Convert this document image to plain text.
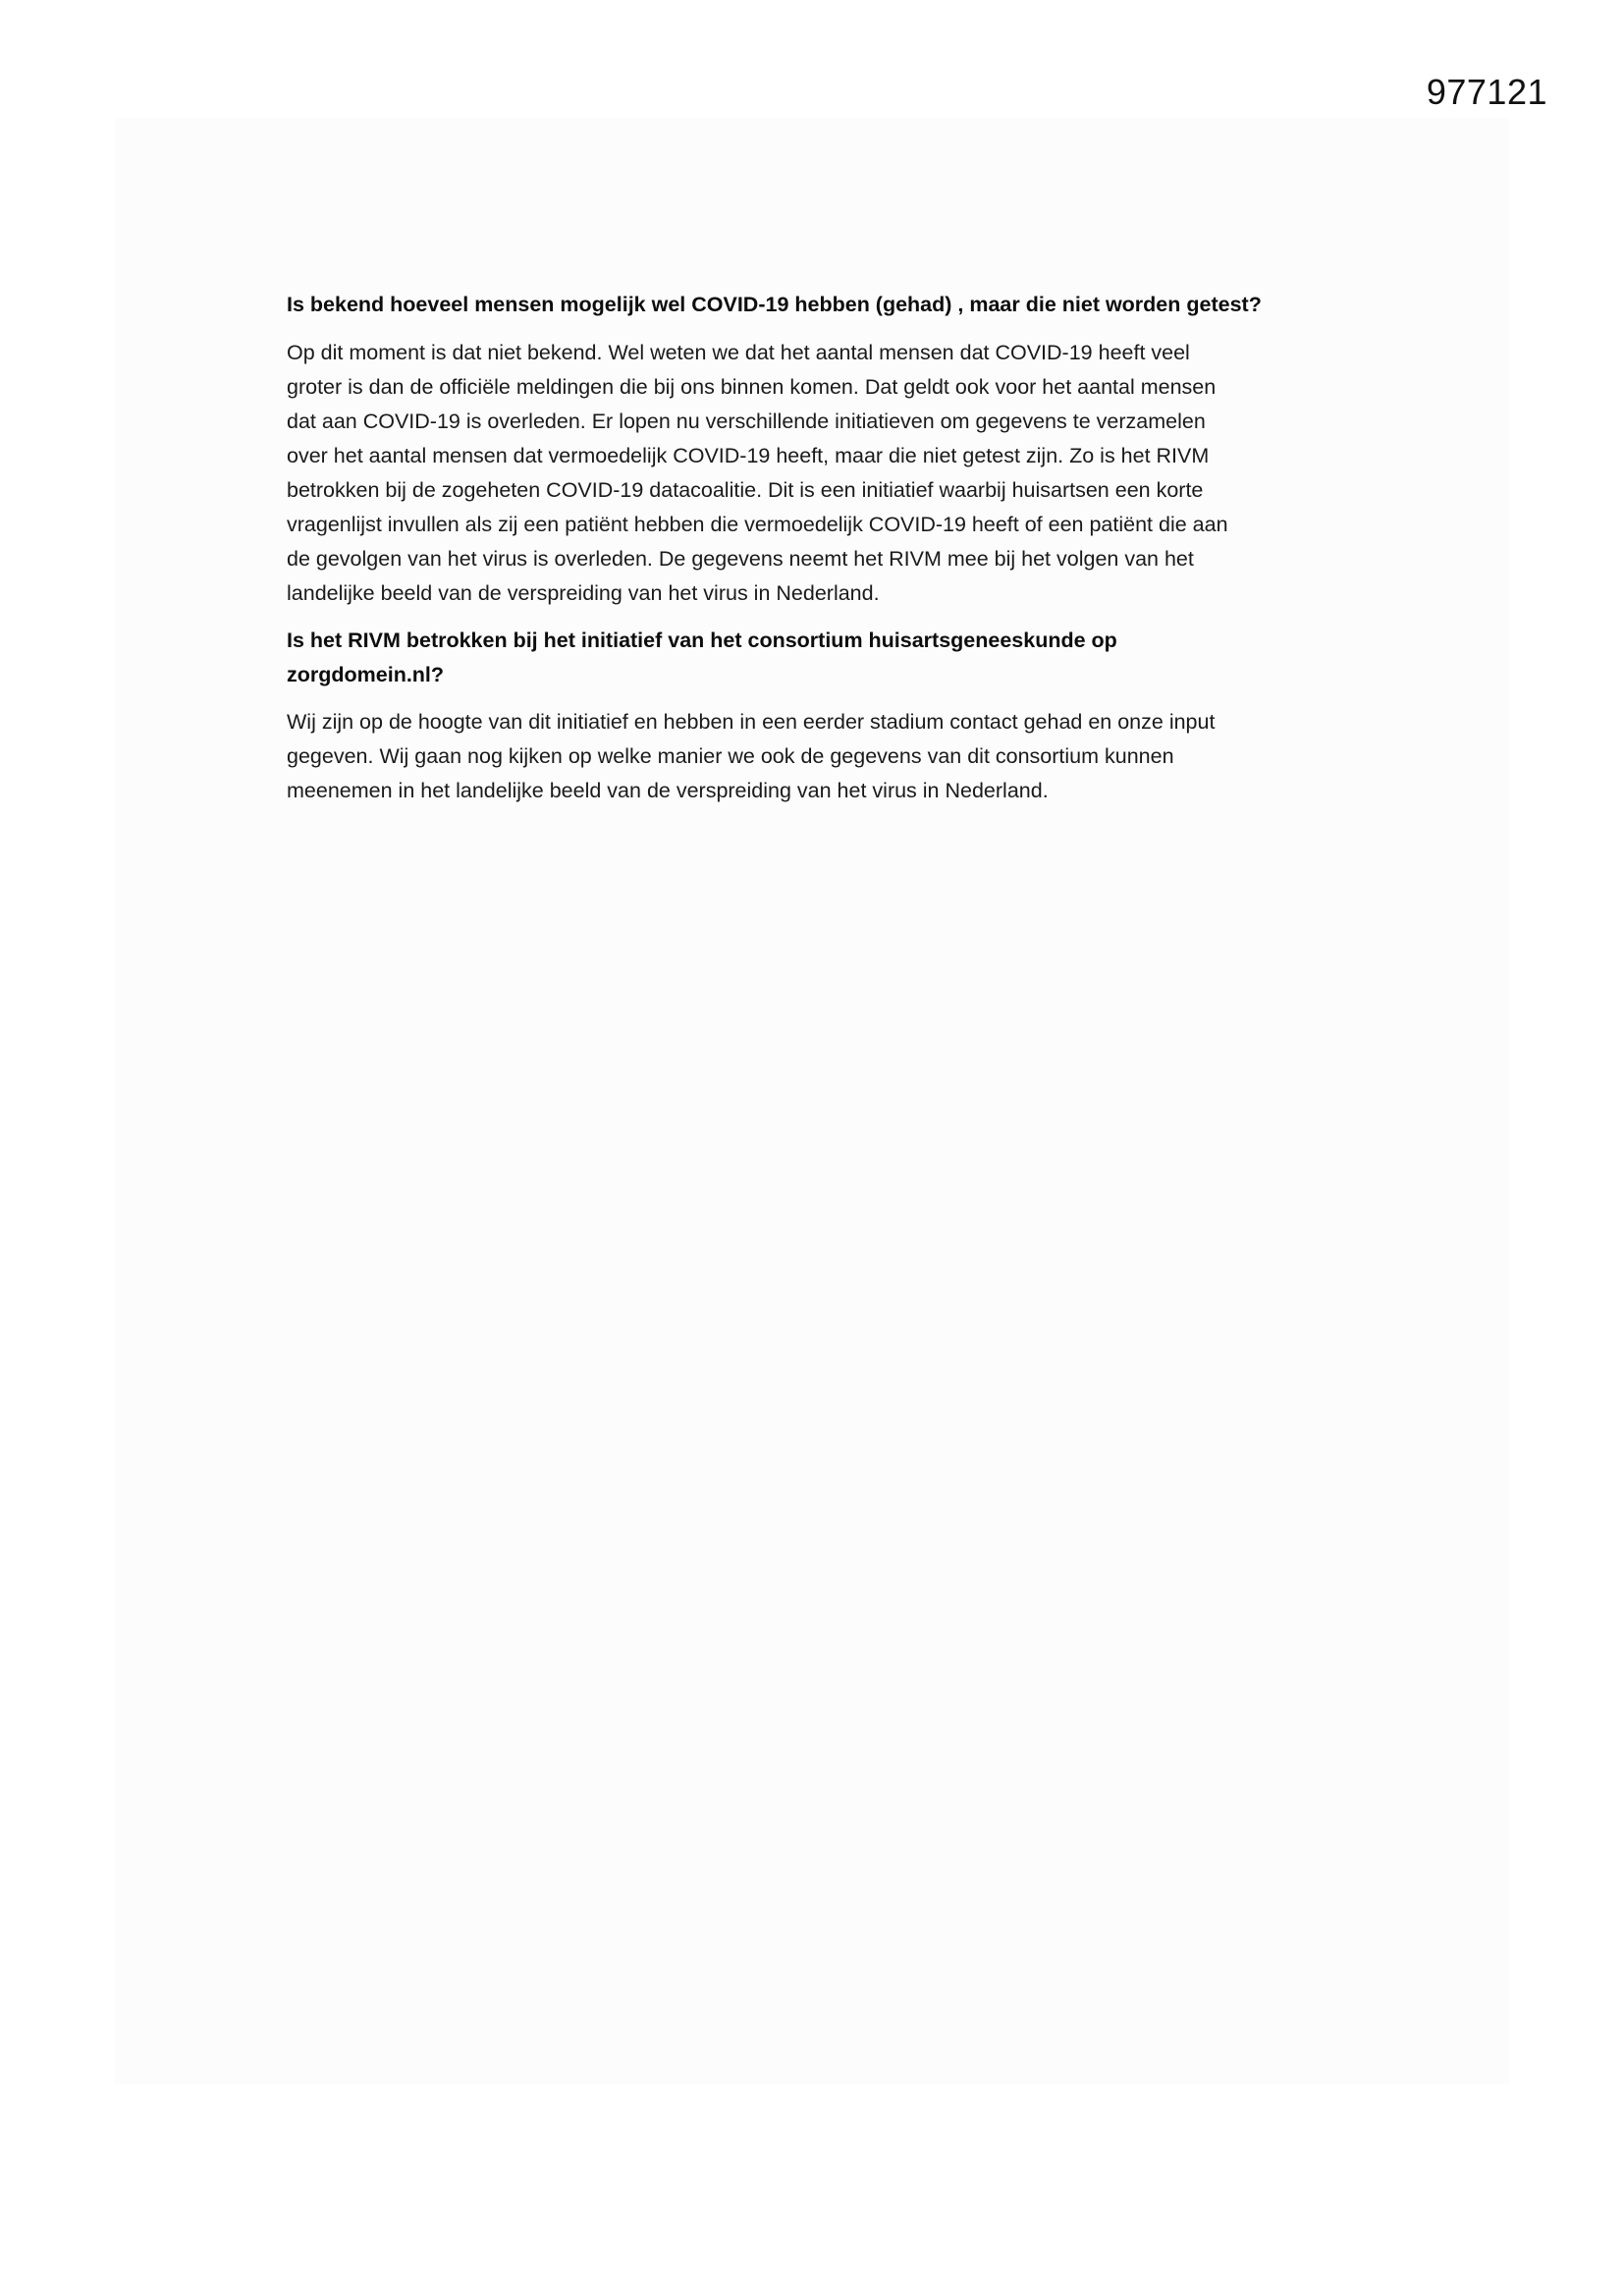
977121
Is bekend hoeveel mensen mogelijk wel COVID-19 hebben (gehad) , maar die niet worden getest?
Op dit moment is dat niet bekend. Wel weten we dat het aantal mensen dat COVID-19 heeft veel
groter is dan de officiële meldingen die bij ons binnen komen. Dat geldt ook voor het aantal mensen
dat aan COVID-19 is overleden. Er lopen nu verschillende initiatieven om gegevens te verzamelen
over het aantal mensen dat vermoedelijk COVID-19 heeft, maar die niet getest zijn. Zo is het RIVM
betrokken bij de zogeheten COVID-19 datacoalitie. Dit is een initiatief waarbij huisartsen een korte
vragenlijst invullen als zij een patiënt hebben die vermoedelijk COVID-19 heeft of een patiënt die aan
de gevolgen van het virus is overleden. De gegevens neemt het RIVM mee bij het volgen van het
landelijke beeld van de verspreiding van het virus in Nederland.
Is het RIVM betrokken bij het initiatief van het consortium huisartsgeneeskunde op
zorgdomein.nl?
Wij zijn op de hoogte van dit initiatief en hebben in een eerder stadium contact gehad en onze input
gegeven. Wij gaan nog kijken op welke manier we ook de gegevens van dit consortium kunnen
meenemen in het landelijke beeld van de verspreiding van het virus in Nederland.
